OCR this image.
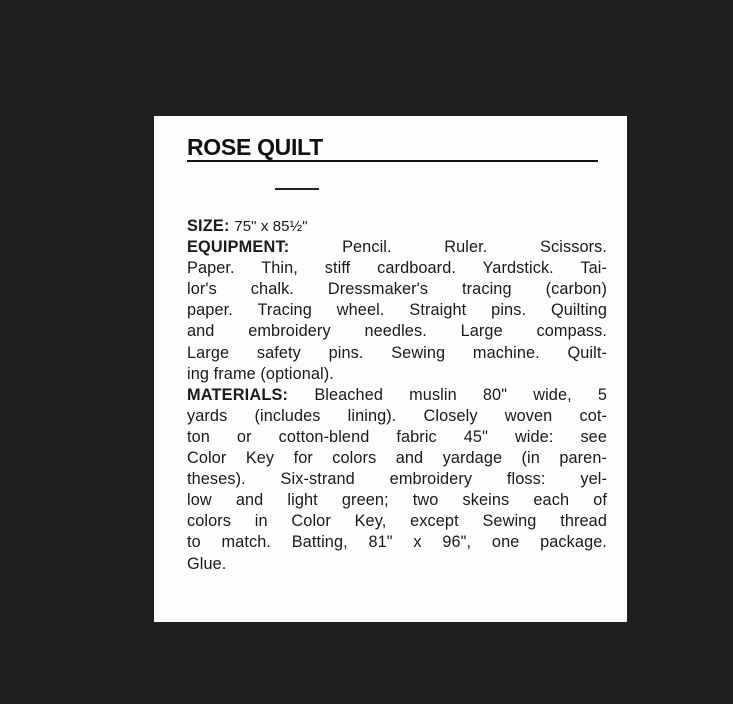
ROSE QUILT
SIZE: 75" x 85½"
EQUIPMENT:	Pencil. Ruler. Scissors.
Paper. Thin, stiff cardboard. Yardstick. Tai-
lor's chalk. Dressmaker's tracing (carbon)
paper. Tracing wheel. Straight pins. Quilting
and embroidery needles. Large compass.
Large safety pins. Sewing machine. Quilt-
ing frame (optional).
MATERIALS: Bleached muslin 80" wide, 5
yards (includes lining). Closely woven cot-
ton or cotton-blend fabric 45" wide: see
Color Key for colors and yardage (in paren-
theses). Six-strand embroidery floss: yel-
low and light green; two skeins each of
colors in Color Key, except Sewing thread
to match. Batting, 81" x 96", one package.
Glue.
